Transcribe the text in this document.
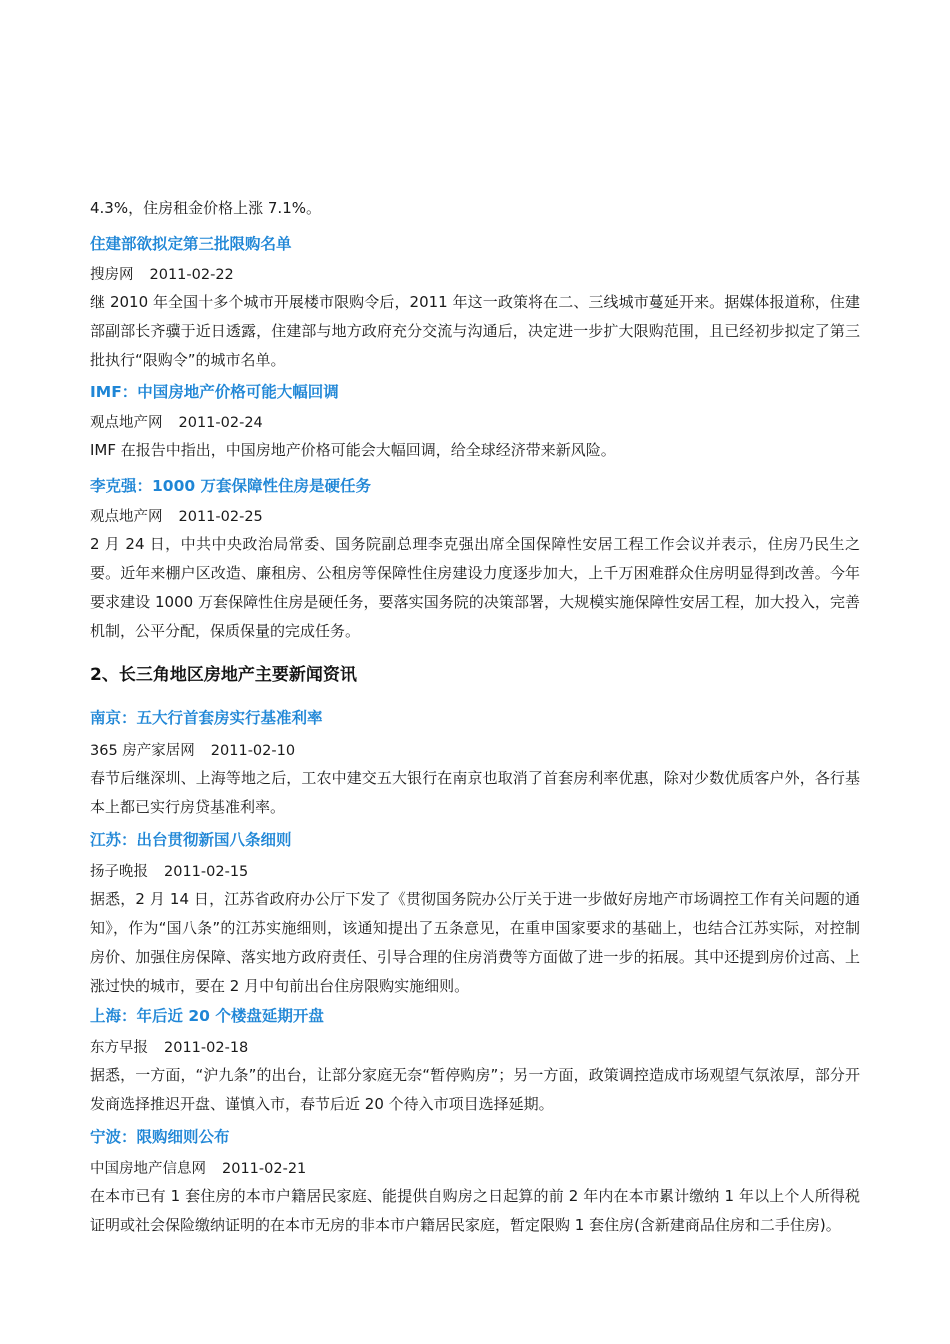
4.3%，住房租金价格上涨 7.1%。

住建部欲拟定第三批限购名单
搜房网 2011-02-22

继 2010 年全国十多个城市开展楼市限购令后，2011 年这一政策将在二、三线城市蔓延开来。据媒体报道称，住建部副部长齐骥于近日透露，住建部与地方政府充分交流与沟通后，决定进一步扩大限购范围，且已经初步拟定了第三批执行“限购令”的城市名单。

IMF：中国房地产价格可能大幅回调
观点地产网 2011-02-24

IMF 在报告中指出，中国房地产价格可能会大幅回调，给全球经济带来新风险。

李克强：1000 万套保障性住房是硬任务
观点地产网 2011-02-25

2 月 24 日，中共中央政治局常委、国务院副总理李克强出席全国保障性安居工程工作会议并表示，住房乃民生之要。近年来棚户区改造、廉租房、公租房等保障性住房建设力度逐步加大，上千万困难群众住房明显得到改善。今年要求建设 1000 万套保障性住房是硬任务，要落实国务院的决策部署，大规模实施保障性安居工程，加大投入，完善机制，公平分配，保质保量的完成任务。

2、长三角地区房地产主要新闻资讯
南京：五大行首套房实行基准利率
365 房产家居网 2011-02-10

春节后继深圳、上海等地之后，工农中建交五大银行在南京也取消了首套房利率优惠，除对少数优质客户外，各行基本上都已实行房贷基准利率。

江苏：出台贯彻新国八条细则
扬子晚报 2011-02-15

据悉，2 月 14 日，江苏省政府办公厅下发了《贯彻国务院办公厅关于进一步做好房地产市场调控工作有关问题的通知》，作为“国八条”的江苏实施细则，该通知提出了五条意见，在重申国家要求的基础上，也结合江苏实际，对控制房价、加强住房保障、落实地方政府责任、引导合理的住房消费等方面做了进一步的拓展。其中还提到房价过高、上涨过快的城市，要在 2 月中旬前出台住房限购实施细则。

上海：年后近 20 个楼盘延期开盘
东方早报 2011-02-18

据悉，一方面，“沪九条”的出台，让部分家庭无奈“暂停购房”；另一方面，政策调控造成市场观望气氛浓厚，部分开发商选择推迟开盘、谨慎入市，春节后近 20 个待入市项目选择延期。

宁波：限购细则公布
中国房地产信息网 2011-02-21

在本市已有 1 套住房的本市户籍居民家庭、能提供自购房之日起算的前 2 年内在本市累计缴纳 1 年以上个人所得税证明或社会保险缴纳证明的在本市无房的非本市户籍居民家庭，暂定限购 1 套住房(含新建商品住房和二手住房)。
